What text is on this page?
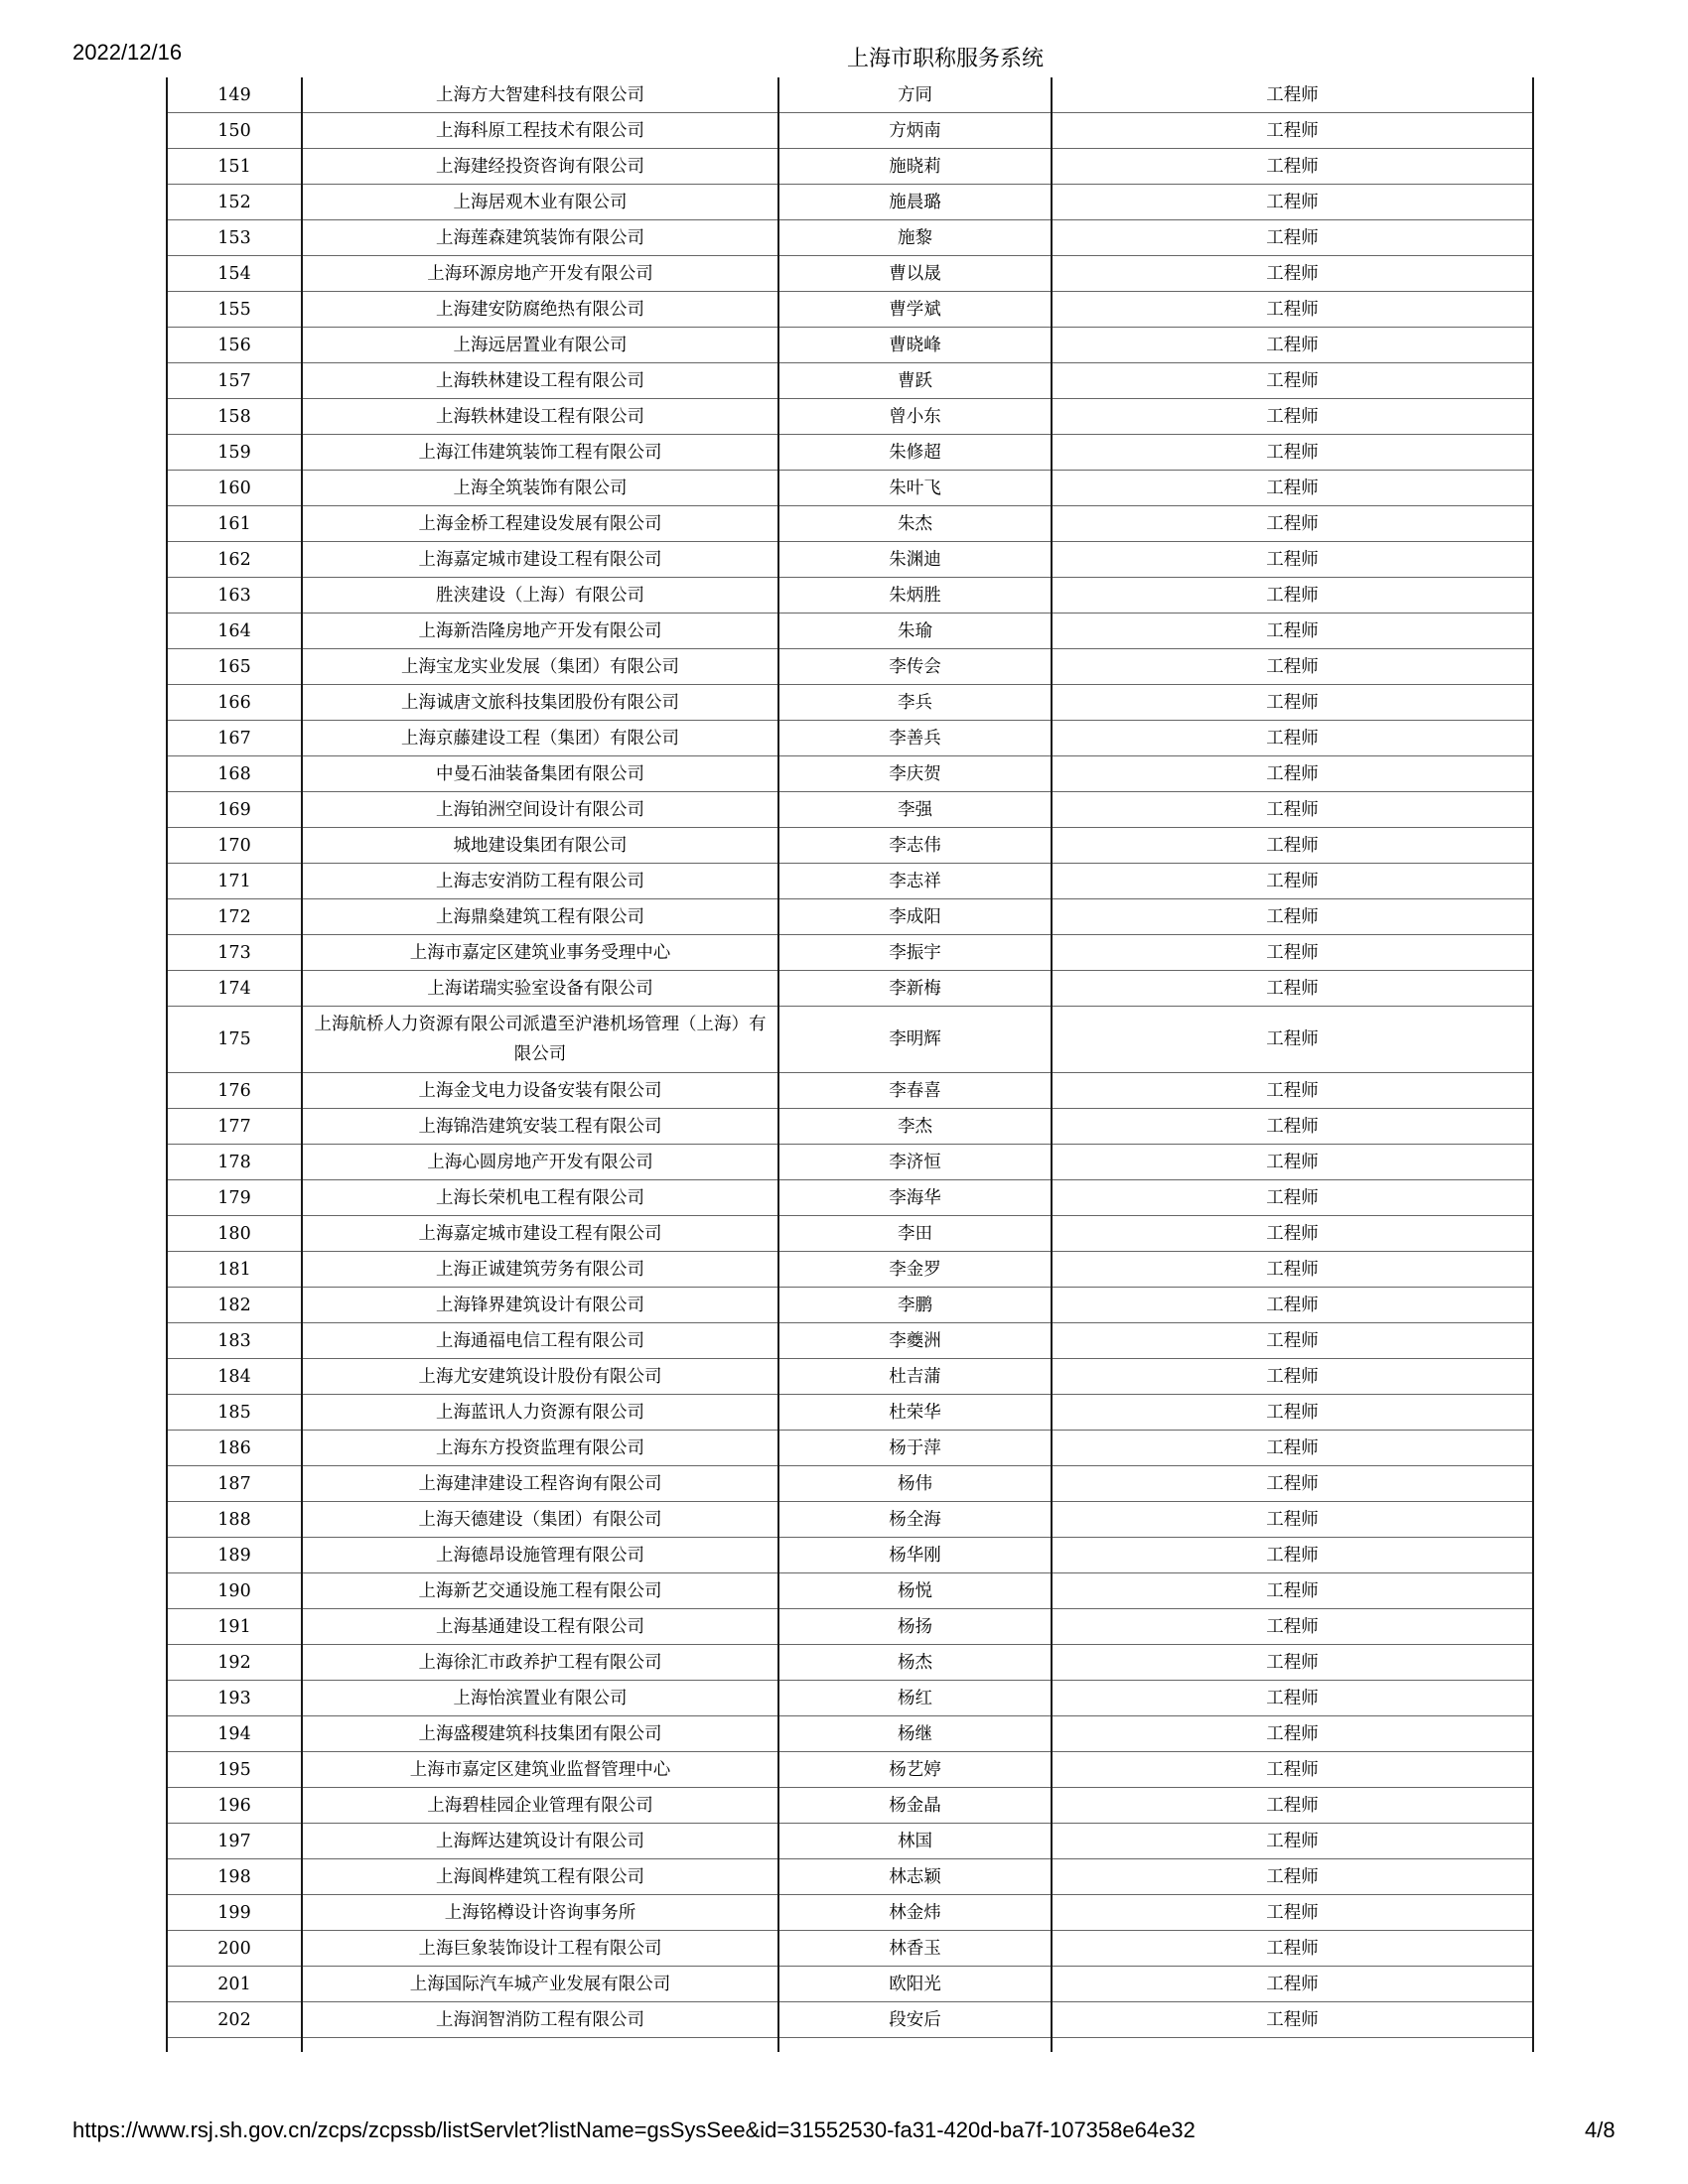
2022/12/16	上海市职称服务系统
149	上海方大智建科技有限公司	方同	工程师
150	上海科原工程技术有限公司	方炳南	工程师
151	上海建经投资咨询有限公司	施晓莉	工程师
152	上海居观木业有限公司	施晨璐	工程师
153	上海莲森建筑装饰有限公司	施黎	工程师
154	上海环源房地产开发有限公司	曹以晟	工程师
155	上海建安防腐绝热有限公司	曹学斌	工程师
156	上海远居置业有限公司	曹晓峰	工程师
157	上海轶林建设工程有限公司	曹跃	工程师
158	上海轶林建设工程有限公司	曾小东	工程师
159	上海江伟建筑装饰工程有限公司	朱修超	工程师
160	上海全筑装饰有限公司	朱叶飞	工程师
161	上海金桥工程建设发展有限公司	朱杰	工程师
162	上海嘉定城市建设工程有限公司	朱渊迪	工程师
163	胜浃建设（上海）有限公司	朱炳胜	工程师
164	上海新浩隆房地产开发有限公司	朱瑜	工程师
165	上海宝龙实业发展（集团）有限公司	李传会	工程师
166	上海诚唐文旅科技集团股份有限公司	李兵	工程师
167	上海京藤建设工程（集团）有限公司	李善兵	工程师
168	中曼石油装备集团有限公司	李庆贺	工程师
169	上海铂洲空间设计有限公司	李强	工程师
170	城地建设集团有限公司	李志伟	工程师
171	上海志安消防工程有限公司	李志祥	工程师
172	上海鼎燊建筑工程有限公司	李成阳	工程师
173	上海市嘉定区建筑业事务受理中心	李振宇	工程师
174	上海诺瑞实验室设备有限公司	李新梅	工程师
175	上海航桥人力资源有限公司派遣至沪港机场管理（上海）有限公司	李明辉	工程师
176	上海金戈电力设备安装有限公司	李春喜	工程师
177	上海锦浩建筑安装工程有限公司	李杰	工程师
178	上海心圆房地产开发有限公司	李济恒	工程师
179	上海长荣机电工程有限公司	李海华	工程师
180	上海嘉定城市建设工程有限公司	李田	工程师
181	上海正诚建筑劳务有限公司	李金罗	工程师
182	上海锋界建筑设计有限公司	李鹏	工程师
183	上海通福电信工程有限公司	李夔洲	工程师
184	上海尤安建筑设计股份有限公司	杜吉蒲	工程师
185	上海蓝讯人力资源有限公司	杜荣华	工程师
186	上海东方投资监理有限公司	杨于萍	工程师
187	上海建津建设工程咨询有限公司	杨伟	工程师
188	上海天德建设（集团）有限公司	杨全海	工程师
189	上海德昂设施管理有限公司	杨华刚	工程师
190	上海新艺交通设施工程有限公司	杨悦	工程师
191	上海基通建设工程有限公司	杨扬	工程师
192	上海徐汇市政养护工程有限公司	杨杰	工程师
193	上海怡滨置业有限公司	杨红	工程师
194	上海盛稷建筑科技集团有限公司	杨继	工程师
195	上海市嘉定区建筑业监督管理中心	杨艺婷	工程师
196	上海碧桂园企业管理有限公司	杨金晶	工程师
197	上海辉达建筑设计有限公司	林国	工程师
198	上海阆桦建筑工程有限公司	林志颖	工程师
199	上海铭樽设计咨询事务所	林金炜	工程师
200	上海巨象装饰设计工程有限公司	林香玉	工程师
201	上海国际汽车城产业发展有限公司	欧阳光	工程师
202	上海润智消防工程有限公司	段安后	工程师

https://www.rsj.sh.gov.cn/zcps/zcpssb/listServlet?listName=gsSysSee&id=31552530-fa31-420d-ba7f-107358e64e32	4/8
